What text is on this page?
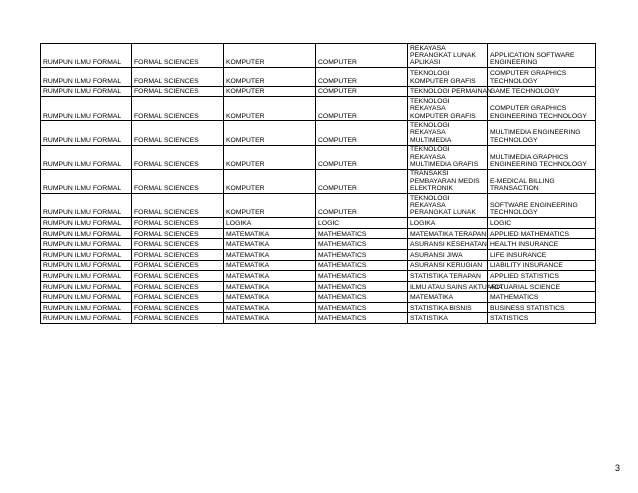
RUMPUN ILMU FORMAL	FORMAL SCIENCES	KOMPUTER	COMPUTER	REKAYASA PERANGKAT LUNAK APLIKASI	APPLICATION SOFTWARE ENGINEERING
RUMPUN ILMU FORMAL	FORMAL SCIENCES	KOMPUTER	COMPUTER	TEKNOLOGI KOMPUTER GRAFIS	COMPUTER GRAPHICS TECHNOLOGY
RUMPUN ILMU FORMAL	FORMAL SCIENCES	KOMPUTER	COMPUTER	TEKNOLOGI PERMAINAN	GAME TECHNOLOGY
RUMPUN ILMU FORMAL	FORMAL SCIENCES	KOMPUTER	COMPUTER	TEKNOLOGI REKAYASA KOMPUTER GRAFIS	COMPUTER GRAPHICS ENGINEERING TECHNOLOGY
RUMPUN ILMU FORMAL	FORMAL SCIENCES	KOMPUTER	COMPUTER	TEKNOLOGI REKAYASA MULTIMEDIA	MULTIMEDIA ENGINEERING TECHNOLOGY
RUMPUN ILMU FORMAL	FORMAL SCIENCES	KOMPUTER	COMPUTER	TEKNOLOGI REKAYASA MULTIMEDIA GRAFIS	MULTIMEDIA GRAPHICS ENGINEERING TECHNOLOGY
RUMPUN ILMU FORMAL	FORMAL SCIENCES	KOMPUTER	COMPUTER	TRANSAKSI PEMBAYARAN MEDIS ELEKTRONIK	E-MEDICAL BILLING TRANSACTION
RUMPUN ILMU FORMAL	FORMAL SCIENCES	KOMPUTER	COMPUTER	TEKNOLOGI REKAYASA PERANGKAT LUNAK	SOFTWARE ENGINEERING TECHNOLOGY
RUMPUN ILMU FORMAL	FORMAL SCIENCES	LOGIKA	LOGIC	LOGIKA	LOGIC
RUMPUN ILMU FORMAL	FORMAL SCIENCES	MATEMATIKA	MATHEMATICS	MATEMATIKA TERAPAN	APPLIED MATHEMATICS
RUMPUN ILMU FORMAL	FORMAL SCIENCES	MATEMATIKA	MATHEMATICS	ASURANSI KESEHATAN	HEALTH INSURANCE
RUMPUN ILMU FORMAL	FORMAL SCIENCES	MATEMATIKA	MATHEMATICS	ASURANSI JIWA	LIFE INSURANCE
RUMPUN ILMU FORMAL	FORMAL SCIENCES	MATEMATIKA	MATHEMATICS	ASURANSI KERUGIAN	LIABILITY INSURANCE
RUMPUN ILMU FORMAL	FORMAL SCIENCES	MATEMATIKA	MATHEMATICS	STATISTIKA TERAPAN	APPLIED STATISTICS
RUMPUN ILMU FORMAL	FORMAL SCIENCES	MATEMATIKA	MATHEMATICS	ILMU ATAU SAINS AKTUARIA	ACTUARIAL SCIENCE
RUMPUN ILMU FORMAL	FORMAL SCIENCES	MATEMATIKA	MATHEMATICS	MATEMATIKA	MATHEMATICS
RUMPUN ILMU FORMAL	FORMAL SCIENCES	MATEMATIKA	MATHEMATICS	STATISTIKA BISNIS	BUSINESS STATISTICS
RUMPUN ILMU FORMAL	FORMAL SCIENCES	MATEMATIKA	MATHEMATICS	STATISTIKA	STATISTICS
3
